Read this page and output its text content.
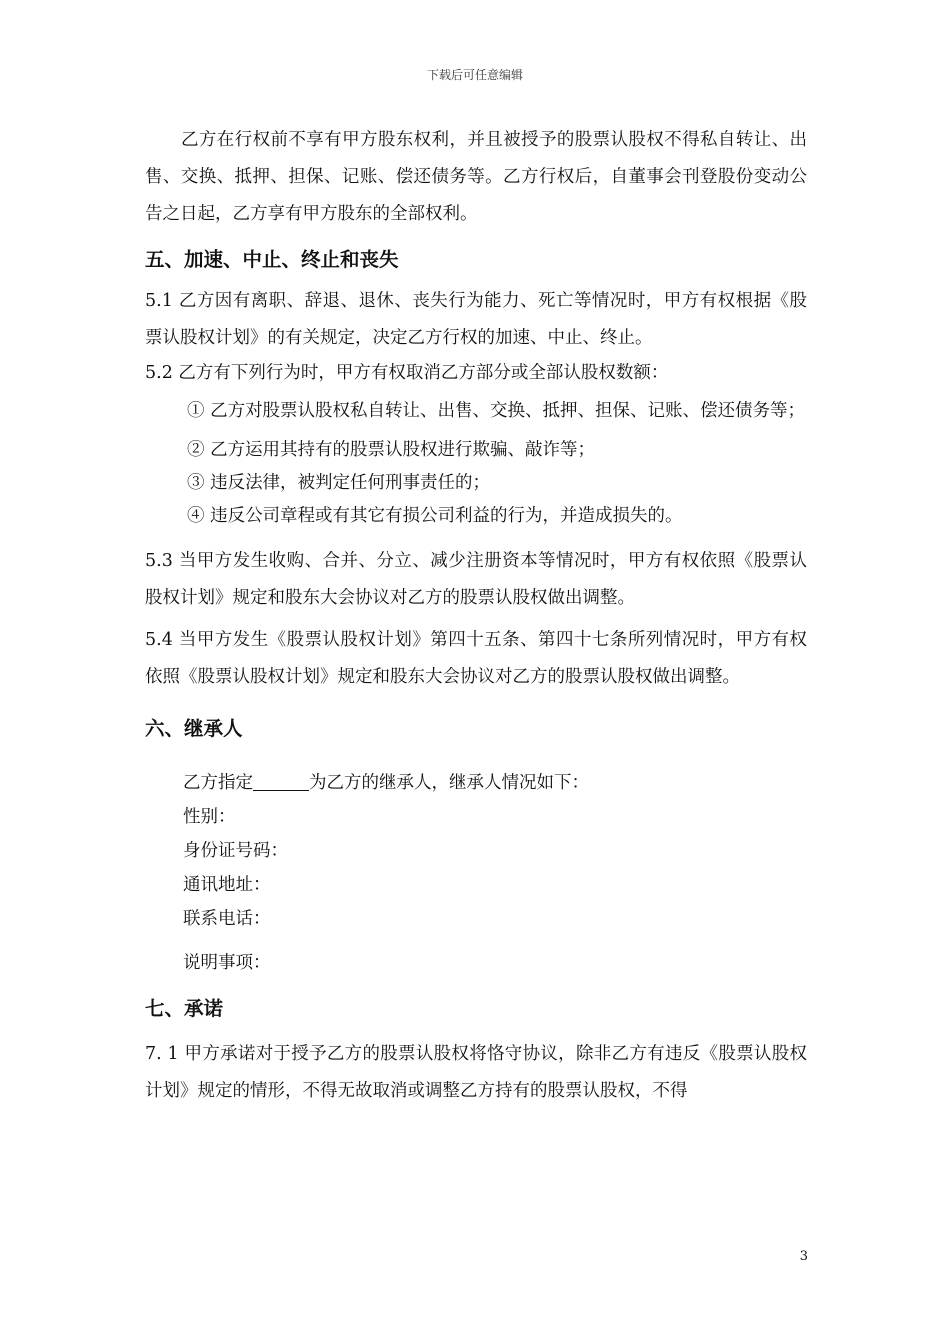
下载后可任意编辑

乙方在行权前不享有甲方股东权利，并且被授予的股票认股权不得私自转让、出售、交换、抵押、担保、记账、偿还债务等。乙方行权后，自董事会刊登股份变动公告之日起，乙方享有甲方股东的全部权利。

五、加速、中止、终止和丧失

5.1 乙方因有离职、辞退、退休、丧失行为能力、死亡等情况时，甲方有权根据《股票认股权计划》的有关规定，决定乙方行权的加速、中止、终止。

5.2 乙方有下列行为时，甲方有权取消乙方部分或全部认股权数额：

① 乙方对股票认股权私自转让、出售、交换、抵押、担保、记账、偿还债务等；

② 乙方运用其持有的股票认股权进行欺骗、敲诈等；

③ 违反法律，被判定任何刑事责任的；

④ 违反公司章程或有其它有损公司利益的行为，并造成损失的。

5.3 当甲方发生收购、合并、分立、减少注册资本等情况时，甲方有权依照《股票认股权计划》规定和股东大会协议对乙方的股票认股权做出调整。

5.4 当甲方发生《股票认股权计划》第四十五条、第四十七条所列情况时，甲方有权依照《股票认股权计划》规定和股东大会协议对乙方的股票认股权做出调整。

六、继承人

乙方指定	为乙方的继承人，继承人情况如下：

性别：

身份证号码：

通讯地址：

联系电话：

说明事项：

七、承诺

7. 1 甲方承诺对于授予乙方的股票认股权将恪守协议，除非乙方有违反《股票认股权计划》规定的情形，不得无故取消或调整乙方持有的股票认股权，不得

3
